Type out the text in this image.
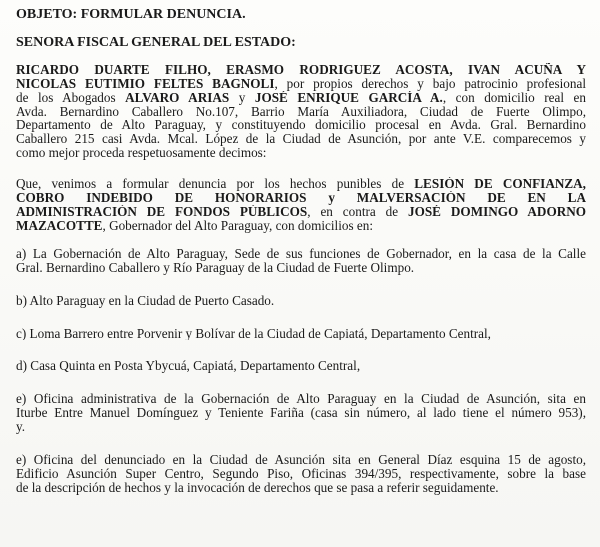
OBJETO: FORMULAR DENUNCIA.
SEÑORA FISCAL GENERAL DEL ESTADO:
RICARDO DUARTE FILHO, ERASMO RODRIGUEZ ACOSTA, IVAN ACUÑA Y
NICOLAS EUTIMIO FELTES BAGNOLI, por propios derechos y bajo patrocinio profesional
de los Abogados ALVARO ARIAS y JOSÉ ENRIQUE GARCÍA A., con domicilio real en
Avda. Bernardino Caballero No.107, Barrio María Auxiliadora, Ciudad de Fuerte Olimpo,
Departamento de Alto Paraguay, y constituyendo domicilio procesal en Avda. Gral. Bernardino
Caballero 215 casi Avda. Mcal. López de la Ciudad de Asunción, por ante V.E. comparecemos y
como mejor proceda respetuosamente decimos:
Que, venimos a formular denuncia por los hechos punibles de LESIÓN DE CONFIANZA,
COBRO INDEBIDO DE HONORARIOS y MALVERSACIÓN DE EN LA
ADMINISTRACIÓN DE FONDOS PÚBLICOS, en contra de JOSÉ DOMINGO ADORNO
MAZACOTTE, Gobernador del Alto Paraguay, con domicilios en:
a) La Gobernación de Alto Paraguay, Sede de sus funciones de Gobernador, en la casa de la Calle
Gral. Bernardino Caballero y Río Paraguay de la Ciudad de Fuerte Olimpo.
b) Alto Paraguay en la Ciudad de Puerto Casado.
c) Loma Barrero entre Porvenir y Bolívar de la Ciudad de Capiatá, Departamento Central,
d) Casa Quinta en Posta Ybycuá, Capiatá, Departamento Central,
e) Oficina administrativa de la Gobernación de Alto Paraguay en la Ciudad de Asunción, sita en
Iturbe Entre Manuel Domínguez y Teniente Fariña (casa sin número, al lado tiene el número 953),
y.
e) Oficina del denunciado en la Ciudad de Asunción sita en General Díaz esquina 15 de agosto,
Edificio Asunción Super Centro, Segundo Piso, Oficinas 394/395, respectivamente, sobre la base
de la descripción de hechos y la invocación de derechos que se pasa a referir seguidamente.
